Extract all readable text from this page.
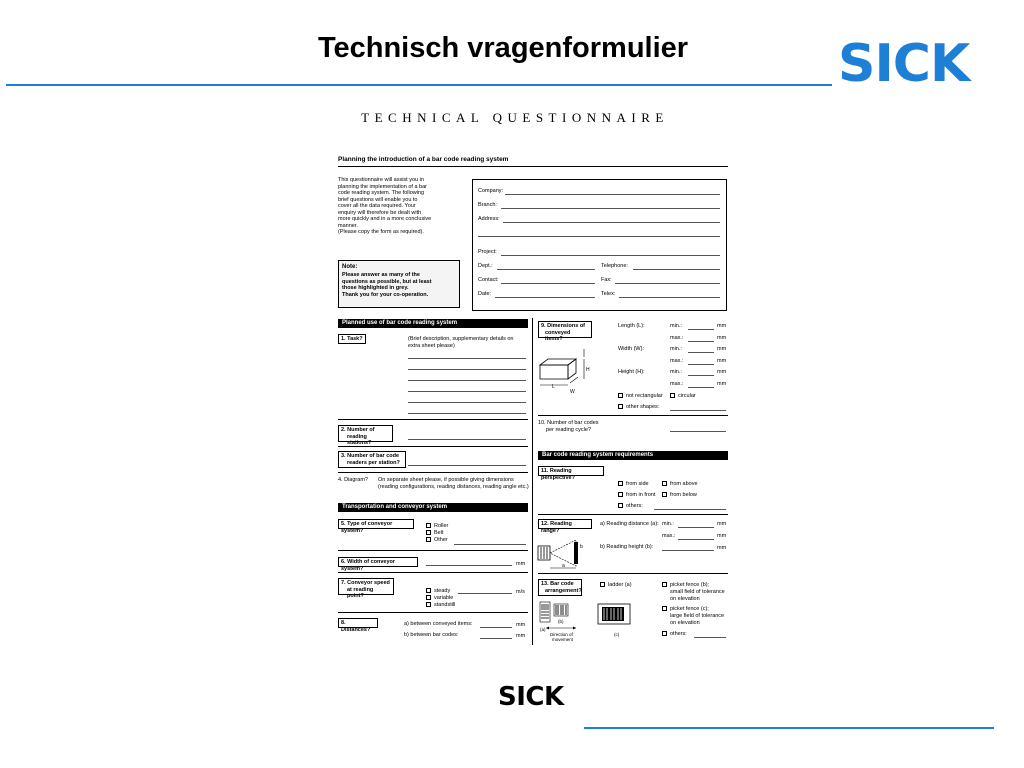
Technisch vragenformulier	SICK
TECHNICAL QUESTIONNAIRE
Planning the introduction of a bar code reading system
This questionnaire will assist you in
planning the implementation of a bar
code reading system. The following
brief questions will enable you to
cover all the data required. Your
enquiry will therefore be dealt with
more quickly and in a more conclusive
manner.
(Please copy the form as required).
Note:
Please answer as many of the
questions as possible, but at least
those highlighted in grey.
Thank you for your co-operation.
Company:
Branch:
Address:
Project:
Dept.:	Telephone:
Contact:	Fax:
Date:	Telex:
Planned use of bar code reading system
1. Task?	(Brief description, supplementary details on
extra sheet please)
2. Number of
reading stations?
3. Number of bar code
readers per station?
4. Diagram? On separate sheet please, if possible giving dimensions
(reading configurations, reading distances, reading angle etc.)
Transportation and conveyor system
5. Type of conveyor system?
Roller
Belt
Other
6. Width of conveyor system?
mm
7. Conveyor speed
at reading point?
steady	m/s
variable
standstill
8. Distances?
a) between conveyed items:	mm
b) between bar codes:	mm
9. Dimensions of
conveyed items?
L
W
H
Length (L):	min.:	mm
max.:	mm
Width (W):	min.:	mm
max.:	mm
Height (H):	min.:	mm
max.:	mm
not rectangular	circular
other shapes:
10. Number of bar codes
per reading cycle?
Bar code reading system requirements
11. Reading perspective?
from side	from above
from in front	from below
others:
12. Reading range?
a) Reading distance (a): min.:	mm
max.:	mm
b) Reading height (b):	mm
a
b
13. Bar code
arrangement?
ladder (a)	picket fence (b);
small field of tolerance
on elevation
picket fence (c);
large field of tolerance
on elevation
others:
(a)
(b)
(c)
Direction of
movement
SICK
